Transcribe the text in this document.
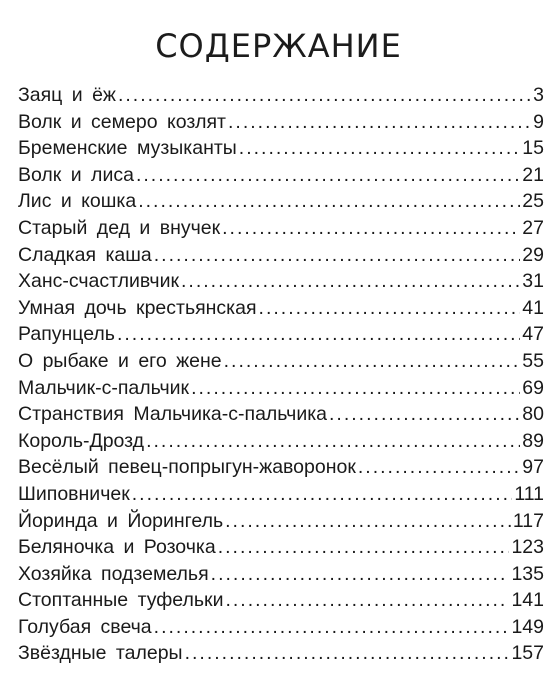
СОДЕРЖАНИЕ
Заяц и ёж .....	3
Волк и семеро козлят .....	9
Бременские музыканты .....	15
Волк и лиса .....	21
Лис и кошка .....	25
Старый дед и внучек .....	27
Сладкая каша .....	29
Ханс-счастливчик .....	31
Умная дочь крестьянская .....	41
Рапунцель .....	47
О рыбаке и его жене .....	55
Мальчик-с-пальчик .....	69
Странствия Мальчика-с-пальчика .....	80
Король-Дрозд .....	89
Весёлый певец-попрыгун-жаворонок .....	97
Шиповничек .....	111
Йоринда и Йорингель .....	117
Беляночка и Розочка .....	123
Хозяйка подземелья .....	135
Стоптанные туфельки .....	141
Голубая свеча .....	149
Звёздные талеры .....	157
